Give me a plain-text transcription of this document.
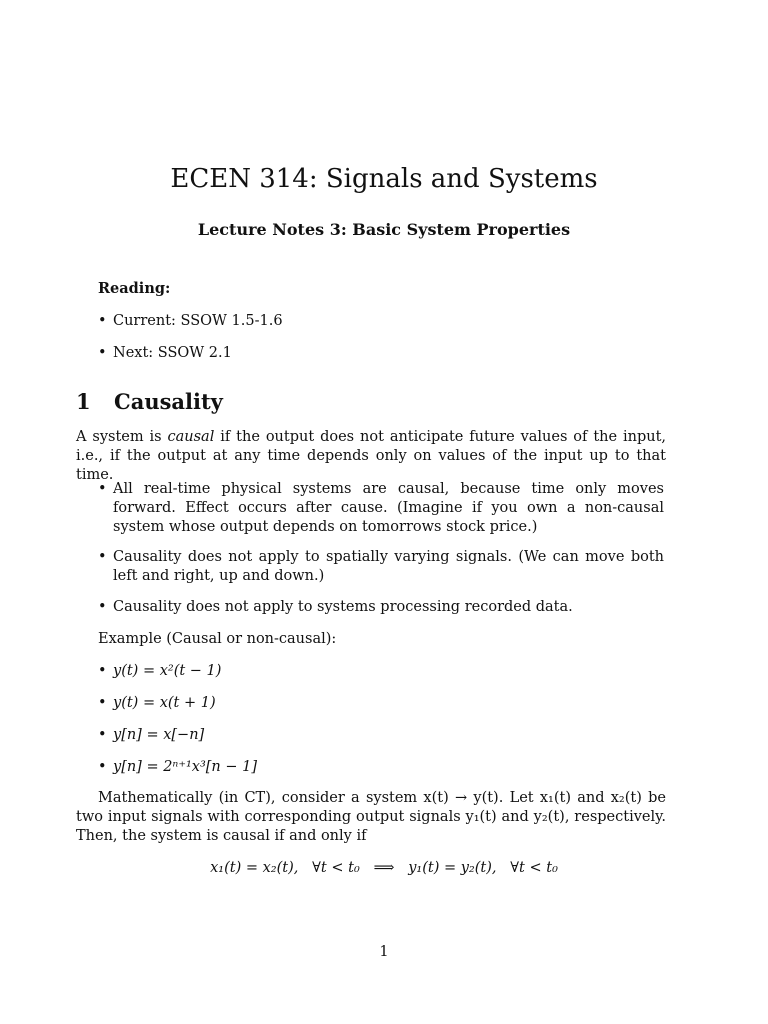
ECEN 314: Signals and Systems
Lecture Notes 3: Basic System Properties

Reading:

• Current: SSOW 1.5-1.6
• Next: SSOW 2.1
1 Causality

A system is causal if the output does not anticipate future values of the input, i.e., if the output at any time depends only on values of the input up to that time.

• All real-time physical systems are causal, because time only moves forward. Effect occurs after cause. (Imagine if you own a non-causal system whose output depends on tomorrows stock price.)
• Causality does not apply to spatially varying signals. (We can move both left and right, up and down.)
• Causality does not apply to systems processing recorded data.

Example (Causal or non-causal):

• y(t) = x²(t − 1)
• y(t) = x(t + 1)
• y[n] = x[−n]
• y[n] = 2ⁿ⁺¹x³[n − 1]

Mathematically (in CT), consider a system x(t) → y(t). Let x₁(t) and x₂(t) be two input signals with corresponding output signals y₁(t) and y₂(t), respectively. Then, the system is causal if and only if

x₁(t) = x₂(t),   ∀t < t₀   ⟹   y₁(t) = y₂(t),   ∀t < t₀
1
